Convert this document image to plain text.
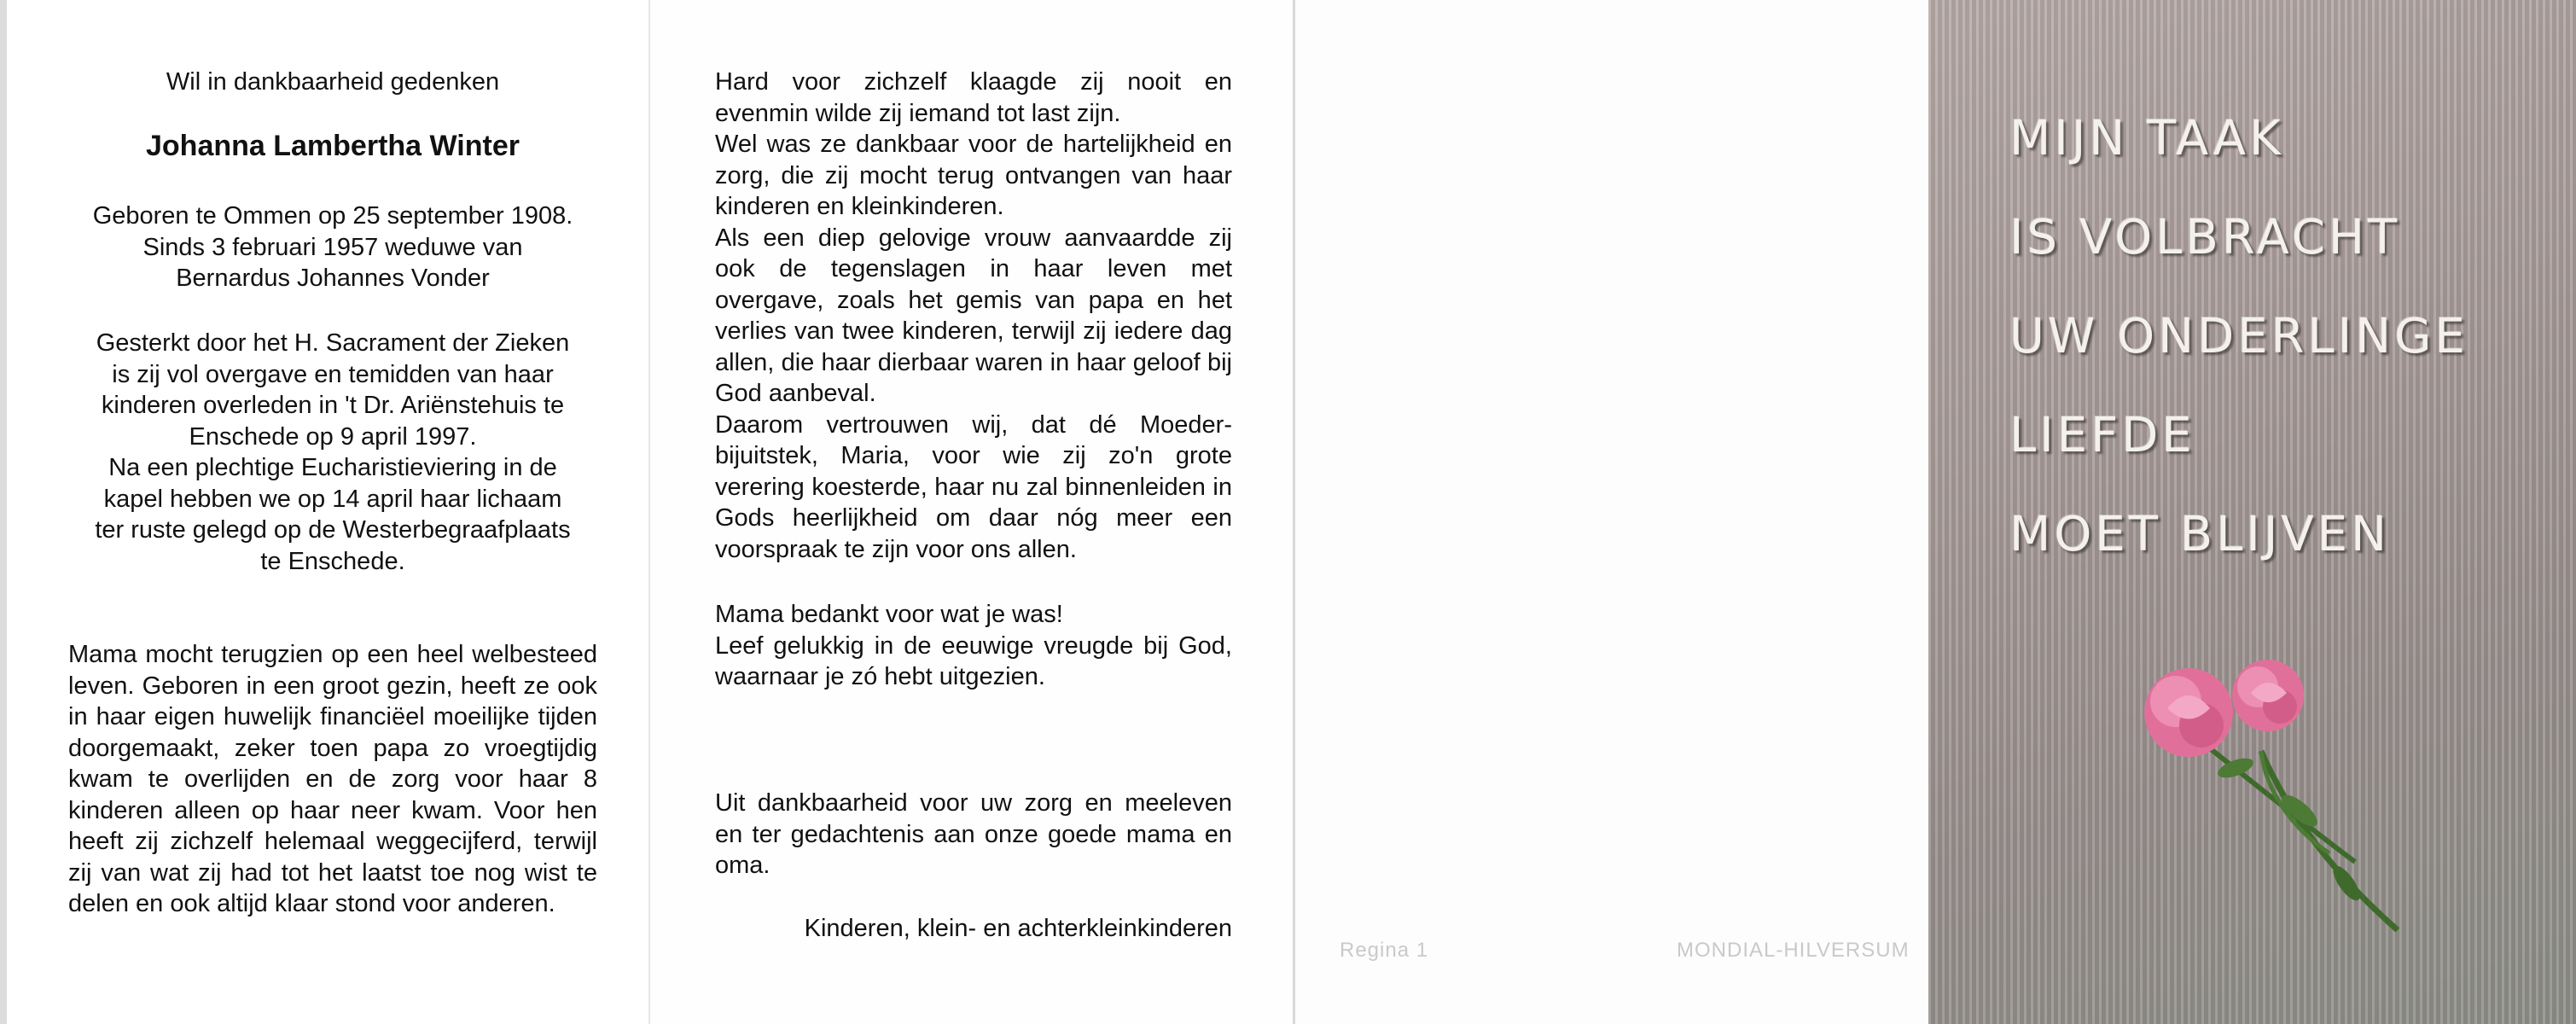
Wil in dankbaarheid gedenken
Johanna Lambertha Winter
Geboren te Ommen op 25 september 1908.
Sinds 3 februari 1957 weduwe van
Bernardus Johannes Vonder
Gesterkt door het H. Sacrament der Zieken
is zij vol overgave en temidden van haar
kinderen overleden in 't Dr. Ariënstehuis te
Enschede op 9 april 1997.
Na een plechtige Eucharistieviering in de
kapel hebben we op 14 april haar lichaam
ter ruste gelegd op de Westerbegraafplaats
te Enschede.

Mama mocht terugzien op een heel welbesteed leven. Geboren in een groot gezin, heeft ze ook in haar eigen huwelijk financiëel moeilijke tijden doorgemaakt, zeker toen papa zo vroegtijdig kwam te overlijden en de zorg voor haar 8 kinderen alleen op haar neer kwam. Voor hen heeft zij zichzelf helemaal weggecijferd, terwijl zij van wat zij had tot het laatst toe nog wist te delen en ook altijd klaar stond voor anderen.

Hard voor zichzelf klaagde zij nooit en evenmin wilde zij iemand tot last zijn.

Wel was ze dankbaar voor de hartelijkheid en zorg, die zij mocht terug ontvangen van haar kinderen en kleinkinderen.

Als een diep gelovige vrouw aanvaardde zij ook de tegenslagen in haar leven met overgave, zoals het gemis van papa en het verlies van twee kinderen, terwijl zij iedere dag allen, die haar dierbaar waren in haar geloof bij God aanbeval.

Daarom vertrouwen wij, dat dé Moeder-bijuitstek, Maria, voor wie zij zo'n grote verering koesterde, haar nu zal binnenleiden in Gods heerlijkheid om daar nóg meer een voorspraak te zijn voor ons allen.

Mama bedankt voor wat je was!

Leef gelukkig in de eeuwige vreugde bij God, waarnaar je zó hebt uitgezien.

Uit dankbaarheid voor uw zorg en meeleven en ter gedachtenis aan onze goede mama en oma.

Kinderen, klein- en achterkleinkinderen
Regina 1	MONDIAL-HILVERSUM
MIJN TAAK
IS VOLBRACHT
UW ONDERLINGE
LIEFDE
MOET BLIJVEN
